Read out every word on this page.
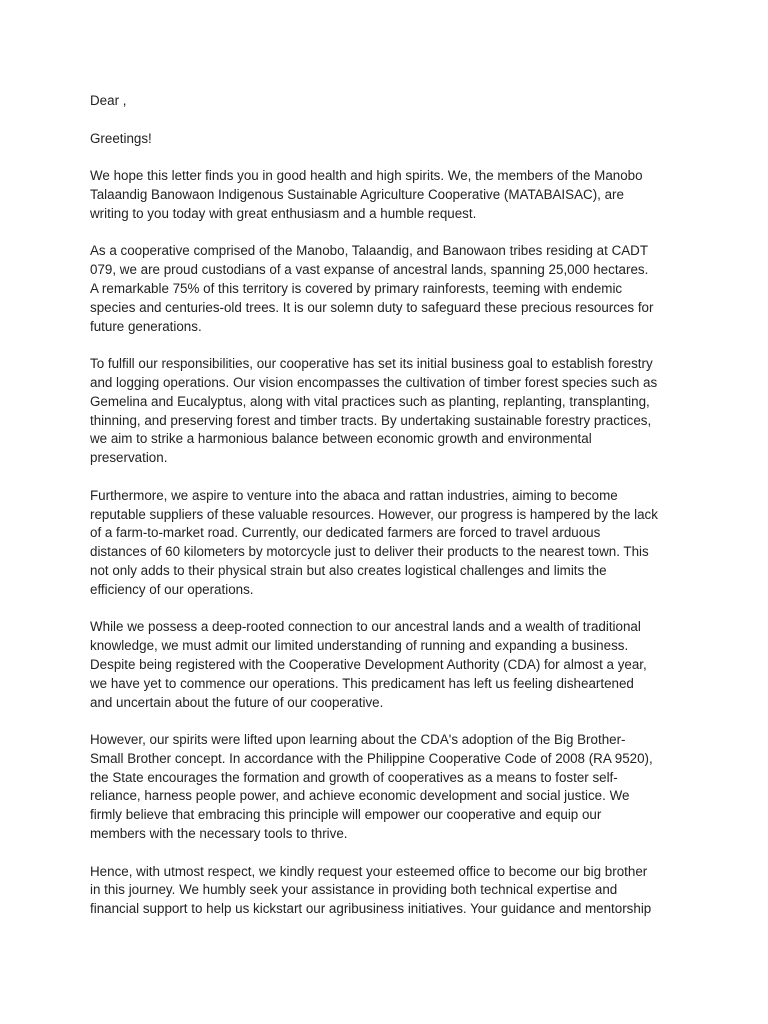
Dear ,

Greetings!

We hope this letter finds you in good health and high spirits. We, the members of the Manobo
Talaandig Banowaon Indigenous Sustainable Agriculture Cooperative (MATABAISAC), are
writing to you today with great enthusiasm and a humble request.

As a cooperative comprised of the Manobo, Talaandig, and Banowaon tribes residing at CADT
079, we are proud custodians of a vast expanse of ancestral lands, spanning 25,000 hectares.
A remarkable 75% of this territory is covered by primary rainforests, teeming with endemic
species and centuries-old trees. It is our solemn duty to safeguard these precious resources for
future generations.

To fulfill our responsibilities, our cooperative has set its initial business goal to establish forestry
and logging operations. Our vision encompasses the cultivation of timber forest species such as
Gemelina and Eucalyptus, along with vital practices such as planting, replanting, transplanting,
thinning, and preserving forest and timber tracts. By undertaking sustainable forestry practices,
we aim to strike a harmonious balance between economic growth and environmental
preservation.

Furthermore, we aspire to venture into the abaca and rattan industries, aiming to become
reputable suppliers of these valuable resources. However, our progress is hampered by the lack
of a farm-to-market road. Currently, our dedicated farmers are forced to travel arduous
distances of 60 kilometers by motorcycle just to deliver their products to the nearest town. This
not only adds to their physical strain but also creates logistical challenges and limits the
efficiency of our operations.

While we possess a deep-rooted connection to our ancestral lands and a wealth of traditional
knowledge, we must admit our limited understanding of running and expanding a business.
Despite being registered with the Cooperative Development Authority (CDA) for almost a year,
we have yet to commence our operations. This predicament has left us feeling disheartened
and uncertain about the future of our cooperative.

However, our spirits were lifted upon learning about the CDA's adoption of the Big Brother-
Small Brother concept. In accordance with the Philippine Cooperative Code of 2008 (RA 9520),
the State encourages the formation and growth of cooperatives as a means to foster self-
reliance, harness people power, and achieve economic development and social justice. We
firmly believe that embracing this principle will empower our cooperative and equip our
members with the necessary tools to thrive.

Hence, with utmost respect, we kindly request your esteemed office to become our big brother
in this journey. We humbly seek your assistance in providing both technical expertise and
financial support to help us kickstart our agribusiness initiatives. Your guidance and mentorship
